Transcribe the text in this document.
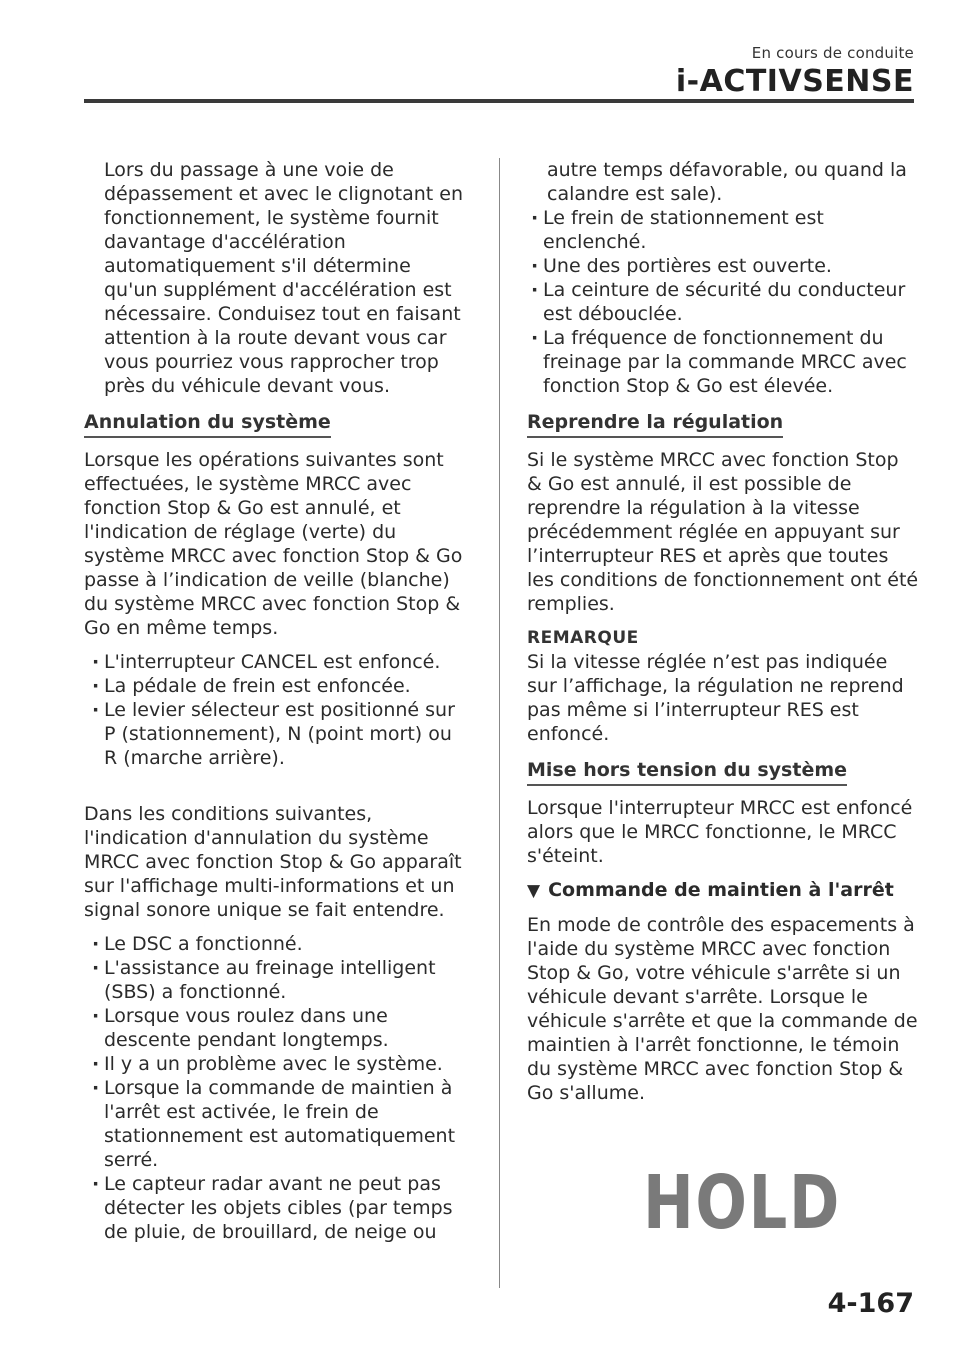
En cours de conduite
i-ACTIVSENSE

Lors du passage à une voie de dépassement et avec le clignotant en fonctionnement, le système fournit davantage d'accélération automatiquement s'il détermine qu'un supplément d'accélération est nécessaire. Conduisez tout en faisant attention à la route devant vous car vous pourriez vous rapprocher trop près du véhicule devant vous.

Annulation du système

Lorsque les opérations suivantes sont effectuées, le système MRCC avec fonction Stop & Go est annulé, et l'indication de réglage (verte) du système MRCC avec fonction Stop & Go passe à l’indication de veille (blanche) du système MRCC avec fonction Stop & Go en même temps.

· L'interrupteur CANCEL est enfoncé.
· La pédale de frein est enfoncée.
· Le levier sélecteur est positionné sur P (stationnement), N (point mort) ou R (marche arrière).

Dans les conditions suivantes, l'indication d'annulation du système MRCC avec fonction Stop & Go apparaît sur l'affichage multi-informations et un signal sonore unique se fait entendre.

· Le DSC a fonctionné.
· L'assistance au freinage intelligent (SBS) a fonctionné.
· Lorsque vous roulez dans une descente pendant longtemps.
· Il y a un problème avec le système.
· Lorsque la commande de maintien à l'arrêt est activée, le frein de stationnement est automatiquement serré.
· Le capteur radar avant ne peut pas détecter les objets cibles (par temps de pluie, de brouillard, de neige ou

autre temps défavorable, ou quand la calandre est sale).

· Le frein de stationnement est enclenché.
· Une des portières est ouverte.
· La ceinture de sécurité du conducteur est débouclée.
· La fréquence de fonctionnement du freinage par la commande MRCC avec fonction Stop & Go est élevée.
Reprendre la régulation

Si le système MRCC avec fonction Stop & Go est annulé, il est possible de reprendre la régulation à la vitesse précédemment réglée en appuyant sur l’interrupteur RES et après que toutes les conditions de fonctionnement ont été remplies.

REMARQUE

Si la vitesse réglée n’est pas indiquée sur l’affichage, la régulation ne reprend pas même si l’interrupteur RES est enfoncé.

Mise hors tension du système

Lorsque l'interrupteur MRCC est enfoncé alors que le MRCC fonctionne, le MRCC s'éteint.

▼ Commande de maintien à l'arrêt

En mode de contrôle des espacements à l'aide du système MRCC avec fonction Stop & Go, votre véhicule s'arrête si un véhicule devant s'arrête. Lorsque le véhicule s'arrête et que la commande de maintien à l'arrêt fonctionne, le témoin du système MRCC avec fonction Stop & Go s'allume.

HOLD
4-167
